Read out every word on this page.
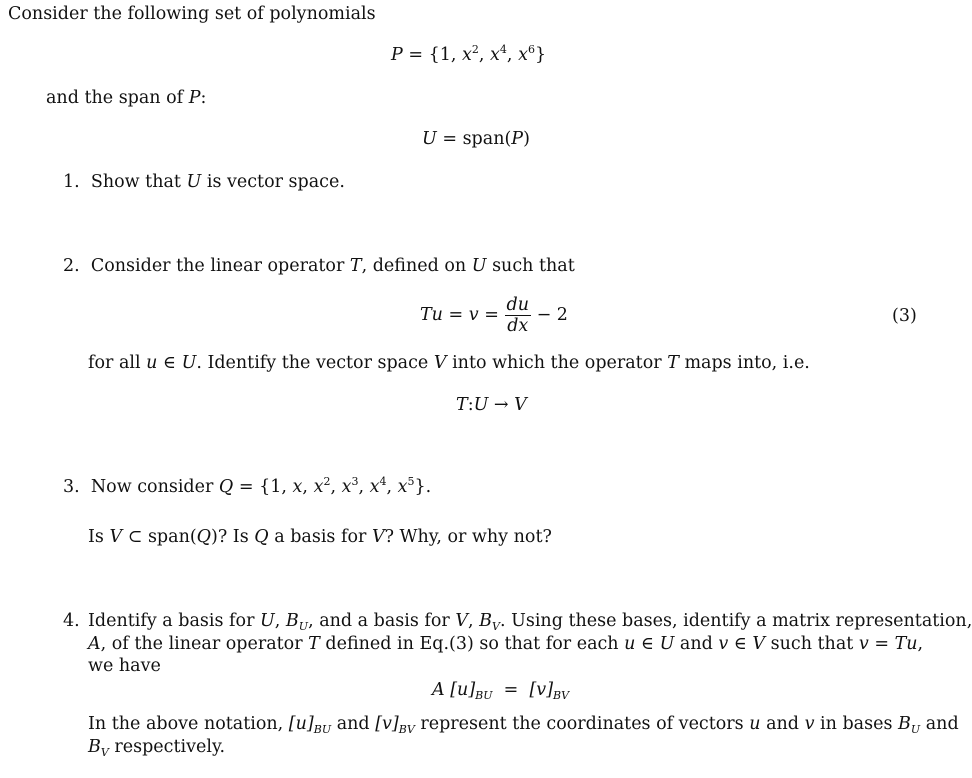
Consider the following set of polynomials
P = {1, $x^2$, $x^4$, $x^6$}
and the span of P:
U = span(P)
1. Show that U is vector space.
2. Consider the linear operator T, defined on U such that
$Tu = v = \frac{du}{dx} - 2$	(3)
for all u ∈ U. Identify the vector space V into which the operator T maps into, i.e.
T:U → V
3. Now consider Q = {1, x, $x^2$, $x^3$, $x^4$, $x^5$}.
Is V ⊂ span(Q)? Is Q a basis for V? Why, or why not?
4. Identify a basis for U, $B_U$, and a basis for V, $B_V$. Using these bases, identify a matrix representation,
A, of the linear operator T defined in Eq.(3) so that for each u ∈ U and v ∈ V such that v = Tu,
we have
A $[u]_{BU} = [v]_{BV}$
In the above notation, $[u]_{BU}$ and $[v]_{BV}$ represent the coordinates of vectors u and v in bases $B_U$ and
$B_V$ respectively.
